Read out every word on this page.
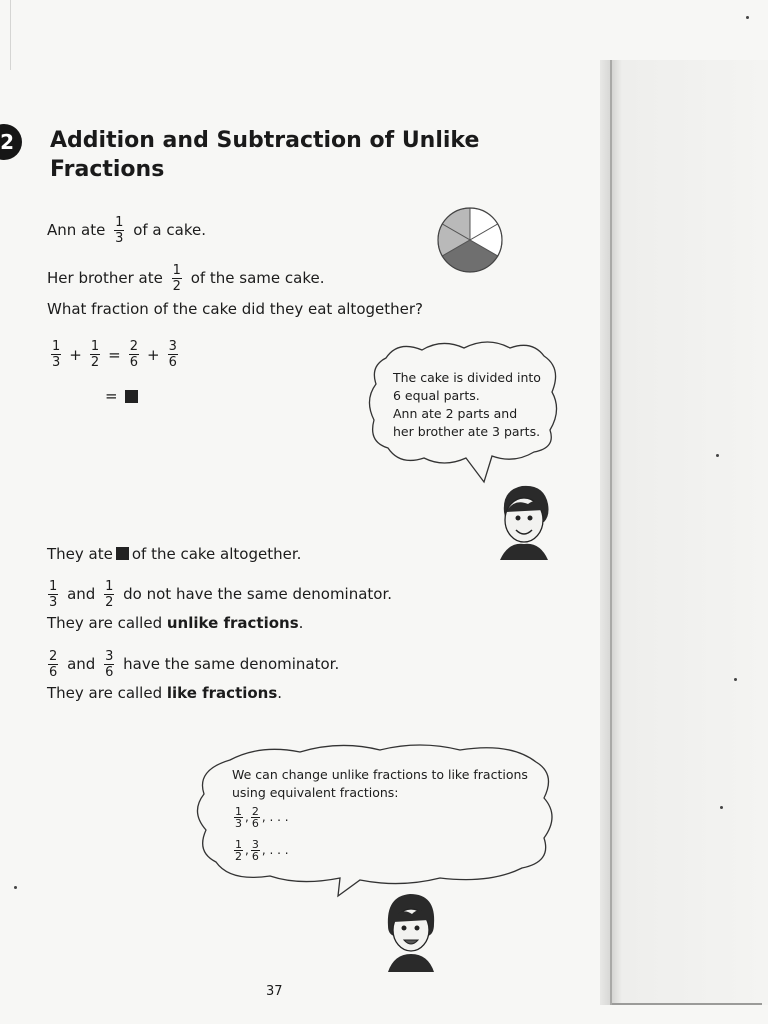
2	Addition and Subtraction of Unlike Fractions
Ann ate $\frac{1}{3}$ of a cake.
Her brother ate $\frac{1}{2}$ of the same cake.
What fraction of the cake did they eat altogether?
$\frac{1}{3} + \frac{1}{2} = \frac{2}{6} + \frac{3}{6}$
=
The cake is divided into
6 equal parts.
Ann ate 2 parts and
her brother ate 3 parts.
They ate of the cake altogether.
$\frac{1}{3}$ and $\frac{1}{2}$ do not have the same denominator.
They are called unlike fractions.
$\frac{2}{6}$ and $\frac{3}{6}$ have the same denominator.
They are called like fractions.
We can change unlike fractions to like fractions
using equivalent fractions:
$\frac{1}{3}$ , $\frac{2}{6}$ , . . .
$\frac{1}{2}$ , $\frac{3}{6}$ , . . .
37
